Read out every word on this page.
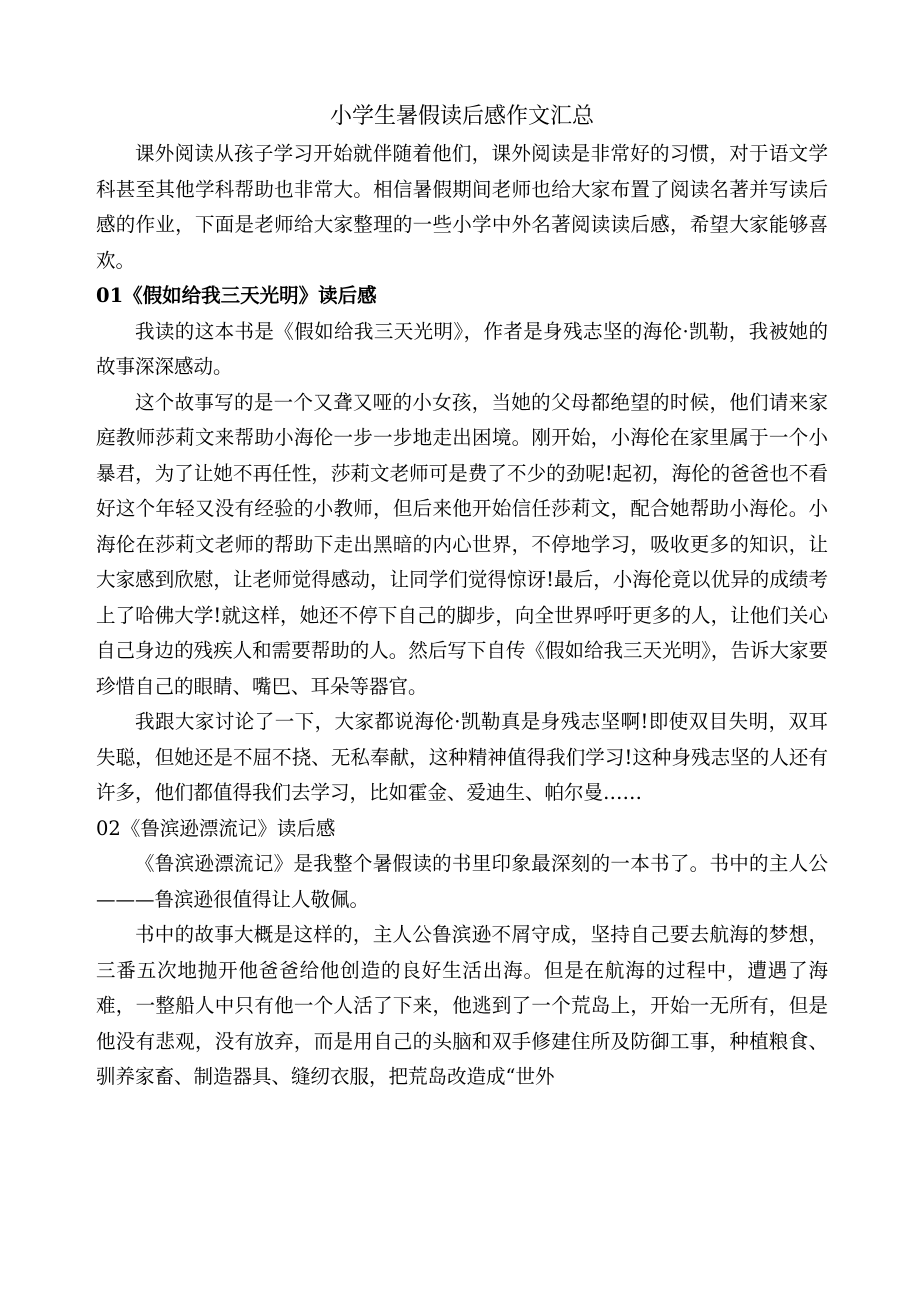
小学生暑假读后感作文汇总

课外阅读从孩子学习开始就伴随着他们，课外阅读是非常好的习惯，对于语文学科甚至其他学科帮助也非常大。相信暑假期间老师也给大家布置了阅读名著并写读后感的作业，下面是老师给大家整理的一些小学中外名著阅读读后感，希望大家能够喜欢。

01《假如给我三天光明》读后感

我读的这本书是《假如给我三天光明》，作者是身残志坚的海伦·凯勒，我被她的故事深深感动。

这个故事写的是一个又聋又哑的小女孩，当她的父母都绝望的时候，他们请来家庭教师莎莉文来帮助小海伦一步一步地走出困境。刚开始，小海伦在家里属于一个小暴君，为了让她不再任性，莎莉文老师可是费了不少的劲呢!起初，海伦的爸爸也不看好这个年轻又没有经验的小教师，但后来他开始信任莎莉文，配合她帮助小海伦。小海伦在莎莉文老师的帮助下走出黑暗的内心世界，不停地学习，吸收更多的知识，让大家感到欣慰，让老师觉得感动，让同学们觉得惊讶!最后，小海伦竟以优异的成绩考上了哈佛大学!就这样，她还不停下自己的脚步，向全世界呼吁更多的人，让他们关心自己身边的残疾人和需要帮助的人。然后写下自传《假如给我三天光明》，告诉大家要珍惜自己的眼睛、嘴巴、耳朵等器官。

我跟大家讨论了一下，大家都说海伦·凯勒真是身残志坚啊!即使双目失明，双耳失聪，但她还是不屈不挠、无私奉献，这种精神值得我们学习!这种身残志坚的人还有许多，他们都值得我们去学习，比如霍金、爱迪生、帕尔曼……

02《鲁滨逊漂流记》读后感

《鲁滨逊漂流记》是我整个暑假读的书里印象最深刻的一本书了。书中的主人公———鲁滨逊很值得让人敬佩。

书中的故事大概是这样的，主人公鲁滨逊不屑守成，坚持自己要去航海的梦想，三番五次地抛开他爸爸给他创造的良好生活出海。但是在航海的过程中，遭遇了海难，一整船人中只有他一个人活了下来，他逃到了一个荒岛上，开始一无所有，但是他没有悲观，没有放弃，而是用自己的头脑和双手修建住所及防御工事，种植粮食、驯养家畜、制造器具、缝纫衣服，把荒岛改造成“世外
